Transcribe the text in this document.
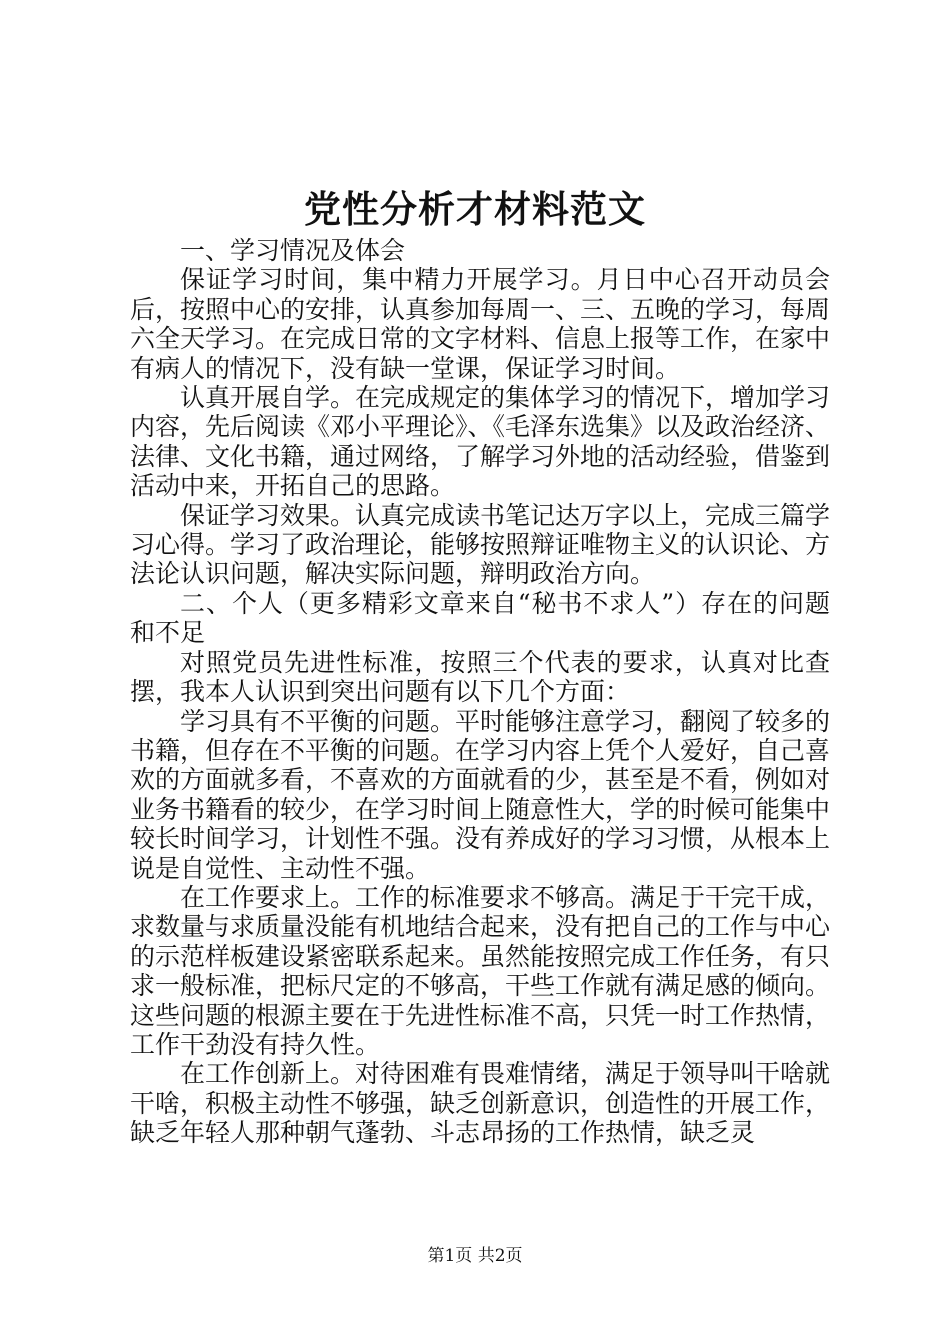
党性分析才材料范文

一、学习情况及体会

保证学习时间，集中精力开展学习。月日中心召开动员会后，按照中心的安排，认真参加每周一、三、五晚的学习，每周六全天学习。在完成日常的文字材料、信息上报等工作，在家中有病人的情况下，没有缺一堂课，保证学习时间。

认真开展自学。在完成规定的集体学习的情况下，增加学习内容，先后阅读《邓小平理论》、《毛泽东选集》以及政治经济、法律、文化书籍，通过网络，了解学习外地的活动经验，借鉴到活动中来，开拓自己的思路。

保证学习效果。认真完成读书笔记达万字以上，完成三篇学习心得。学习了政治理论，能够按照辩证唯物主义的认识论、方法论认识问题，解决实际问题，辩明政治方向。

二、个人（更多精彩文章来自“秘书不求人”）存在的问题和不足

对照党员先进性标准，按照三个代表的要求，认真对比查摆，我本人认识到突出问题有以下几个方面：

学习具有不平衡的问题。平时能够注意学习，翻阅了较多的书籍，但存在不平衡的问题。在学习内容上凭个人爱好，自己喜欢的方面就多看，不喜欢的方面就看的少，甚至是不看，例如对业务书籍看的较少，在学习时间上随意性大，学的时候可能集中较长时间学习，计划性不强。没有养成好的学习习惯，从根本上说是自觉性、主动性不强。

在工作要求上。工作的标准要求不够高。满足于干完干成，求数量与求质量没能有机地结合起来，没有把自己的工作与中心的示范样板建设紧密联系起来。虽然能按照完成工作任务，有只求一般标准，把标尺定的不够高，干些工作就有满足感的倾向。这些问题的根源主要在于先进性标准不高，只凭一时工作热情，工作干劲没有持久性。

在工作创新上。对待困难有畏难情绪，满足于领导叫干啥就干啥，积极主动性不够强，缺乏创新意识，创造性的开展工作，缺乏年轻人那种朝气蓬勃、斗志昂扬的工作热情，缺乏灵

第1页 共2页
